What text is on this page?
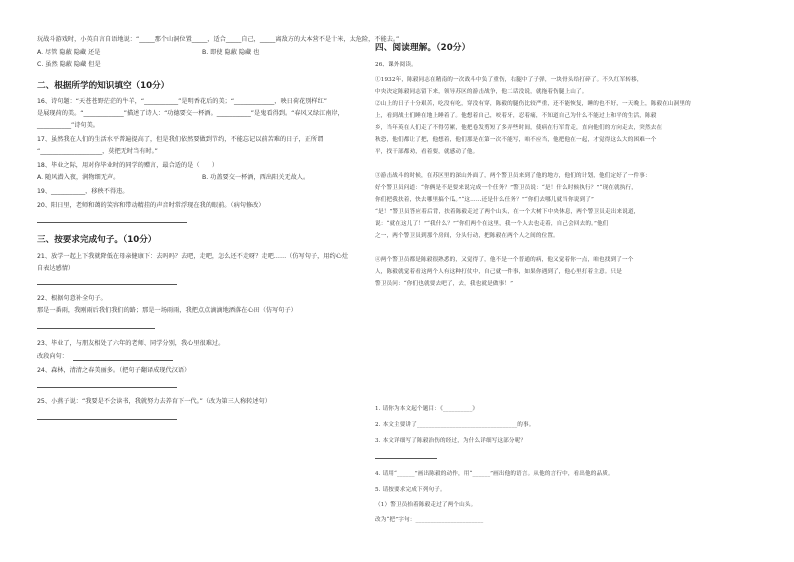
玩战斗游戏时，小英自言自语地说：“_____那个山洞位置_____，适合_____自己，_____离敌方的大本营不是十米，太危险，不能去。”
A. 尽管 隐蔽 隐藏 还是	B. 即使 隐蔽 隐藏 也
C. 虽然 隐蔽 隐藏 但是
二、根据所学的知识填空（10分）
16、诗句题：“天苍苍野茫茫的牛羊，“___________”是明香花后的美；“_____________，映日荷花别样红”
是展现荷的美。“_____________”描述了诗人：“功德要交一杯酒。___________”是鬼看得到。“春风又绿江南岸，
___________”诗句美。
17、虽然我在人们的生活水平普遍提高了，但是我们依然要做到节约，不能忘记以前苦难的日子，正所谓
“____________________，莫把无时当有时。”
18、毕业之际，用对你毕业时的同学的赠言，最合适的是（　　）
A. 随风潜入夜，润物细无声。	B. 功盖要交一杯酒，西出阳关无故人。
19、___________，移秧不得违。
20、阳日里，老师和蔼的笑容和带动精挂的声音时常浮现在我的眼前。（病句修改）
三、按要求完成句子。（10分）
21、放学一起上下我就降低在母亲健康下：去吗吗？去吧，走吧，怎么还不走呀？走吧……（仿写句子，用约心灶
自表达感情）
22、根据句意补全句子。
那是一番雨，我刚雨后我们我们的路；那是一场雨雨，我把点点滴滴地洒落在心田（仿写句子）
23、毕业了，与朋友相处了六年的老师、同学分别，我心里很难过。
改段向句：
24、森林，清清之春美丽多。（把句子翻译成现代汉语）
25、小燕子说：“我要是不会读书，我就努力去养育下一代。”（改为第三人称转述句）
四、阅读理解。（20分）
26、课外阅读。
①1932年，陈毅同志在精南的一次战斗中负了重伤，右腿中了子弹，一块骨头给打碎了。不久红军转移，
中央决定陈毅同志留下来，领导苏区的游击战争，他二话没说，就拖着伤腿上山了。
②山上的日子十分艰苦，吃没有吃，穿没有穿，陈毅的腿伤比较严重，还不能恢复，睡的也不好，一天晚上，陈毅在山洞里的
上，看到战士们睡在地上睡着了。他想着自己，咬着牙，忍着痛，不知道自己为什么不能过上和平的生活，陈毅
乡，当年英在人们走了不得劳累，他把卷发剪短了多弄些时间，使病在行军背走，直向他们的方向走去，突然去在
秋恐，他们都让了把，他想着，他们那是在第一次不能写，咱不应当，他把他在一起，才觉得这么大的困难一个
平，找干部都劝，看着要，就感动了他。
③游击战斗的时候，在苏区里的深山外面了，两个警卫员来到了他的地方，他们的计划，他们定好了一件事：
好个警卫员问道：“你俩是不是要来说完成一个任务？”警卫员说：“是！什么时候执行？”“现在就执行，
你们把我扶着，快去哪里搞个瓜。”“这……还是什么任务？”“你们去哪儿就当你说到了”
“是！”警卫员答应着后背，扶着陈毅走过了两个山头，在一个大树下中央休息，两个警卫员走出来说道，
说：“就在这儿了！”“我什么？”“你们两个在这里，我一个人去也走着，自己会回去的。”他们
之一，两个警卫员到那个房间，分头行动，把陈毅在两个人之间的位置。
④两个警卫员都是陈毅很熟悉的，又觉得了，他不是一个普通的病，他又觉着你一点，咱也找到了一个
人，陈毅就觉着看这两个人有这种打仗中，自己就一件事，如果你遇到了，他心里打着主意。只是
警卫员问：“你们也就要去吧了，去，我也就是做事！”
1. 请你为本文起个题目：《__________》
2. 本文主要讲了__________________________________的事。
3. 本文详细写了陈毅治伤的经过，为什么详细写这部分呢？
4. 请用“______”画出陈毅的动作，用“______”画出他的语言。从他的言行中，看出他的品质。
5. 请按要求完成下列句子。
（1）警卫员抬着陈毅走过了两个山头。
改为“把”字句：_______________________
